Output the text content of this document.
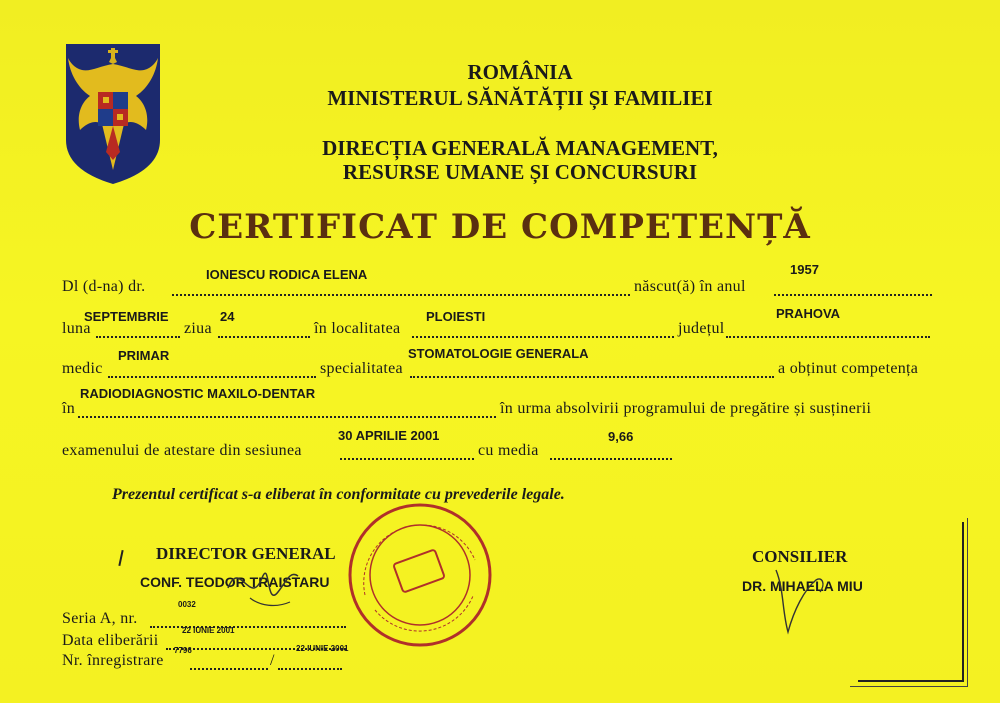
ROMÂNIA
MINISTERUL SĂNĂTĂȚII ȘI FAMILIEI
DIRECȚIA GENERALĂ MANAGEMENT,
RESURSE UMANE ȘI CONCURSURI
CERTIFICAT DE COMPETENȚĂ
Dl (d-na) dr.
IONESCU RODICA ELENA
născut(ă) în anul
1957
luna
SEPTEMBRIE
ziua
24
în localitatea
PLOIESTI
județul
PRAHOVA
medic
PRIMAR
specialitatea
STOMATOLOGIE GENERALA
a obținut competența
în
RADIODIAGNOSTIC MAXILO-DENTAR
în urma absolvirii programului de pregătire și susținerii
examenului de atestare din sesiunea
30 APRILIE 2001
cu media
9,66
Prezentul certificat s-a eliberat în conformitate cu prevederile legale.
DIRECTOR GENERAL
CONF. TEODOR TRAISTARU
CONSILIER
DR. MIHAELA MIU
Seria A, nr.
0032
Data eliberării
22 IUNIE 2001
Nr. înregistrare
7796
/
22 IUNIE 2001
